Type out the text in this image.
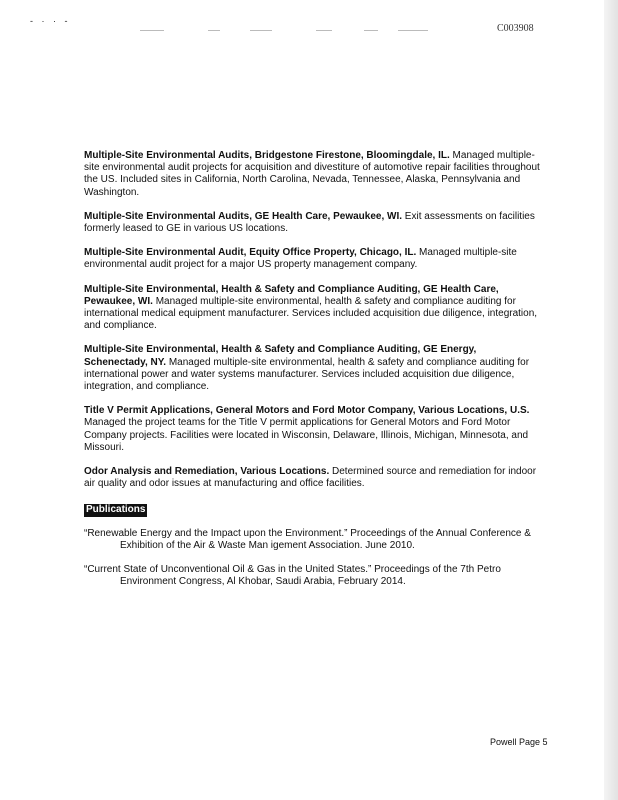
- · · -
C003908
Multiple-Site Environmental Audits, Bridgestone Firestone, Bloomingdale, IL. Managed multiple-site environmental audit projects for acquisition and divestiture of automotive repair facilities throughout the US. Included sites in California, North Carolina, Nevada, Tennessee, Alaska, Pennsylvania and Washington.
Multiple-Site Environmental Audits, GE Health Care, Pewaukee, WI. Exit assessments on facilities formerly leased to GE in various US locations.
Multiple-Site Environmental Audit, Equity Office Property, Chicago, IL. Managed multiple-site environmental audit project for a major US property management company.
Multiple-Site Environmental, Health & Safety and Compliance Auditing, GE Health Care, Pewaukee, WI. Managed multiple-site environmental, health & safety and compliance auditing for international medical equipment manufacturer. Services included acquisition due diligence, integration, and compliance.
Multiple-Site Environmental, Health & Safety and Compliance Auditing, GE Energy, Schenectady, NY. Managed multiple-site environmental, health & safety and compliance auditing for international power and water systems manufacturer. Services included acquisition due diligence, integration, and compliance.
Title V Permit Applications, General Motors and Ford Motor Company, Various Locations, U.S. Managed the project teams for the Title V permit applications for General Motors and Ford Motor Company projects. Facilities were located in Wisconsin, Delaware, Illinois, Michigan, Minnesota, and Missouri.
Odor Analysis and Remediation, Various Locations. Determined source and remediation for indoor air quality and odor issues at manufacturing and office facilities.
Publications
“Renewable Energy and the Impact upon the Environment.” Proceedings of the Annual Conference & Exhibition of the Air & Waste Man igement Association. June 2010.
“Current State of Unconventional Oil & Gas in the United States.” Proceedings of the 7th Petro Environment Congress, Al Khobar, Saudi Arabia, February 2014.
Powell Page 5
